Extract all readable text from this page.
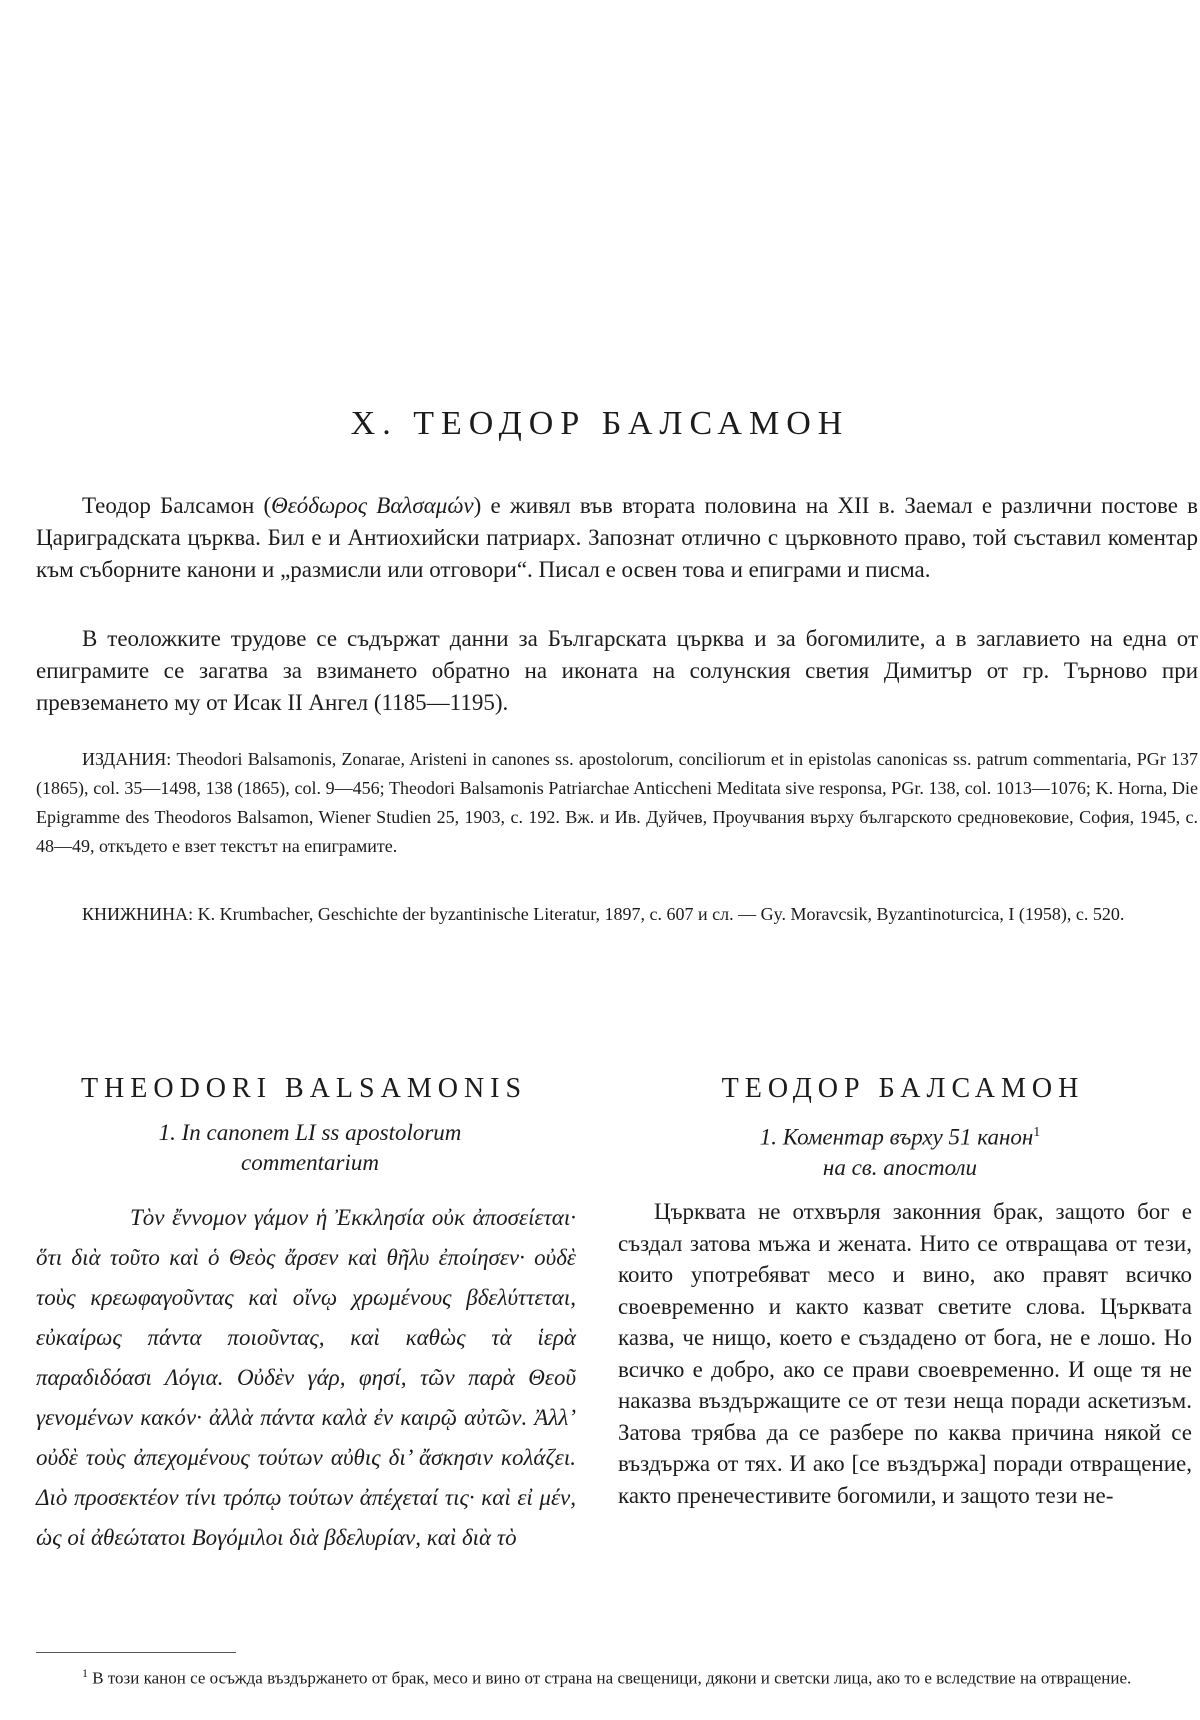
X. ТЕОДОР БАЛСАМОН

Теодор Балсамон (Θεόδωρος Βαλσαμών) е живял във втората половина на XII в. Заемал е различни постове в Цариградската църква. Бил е и Антиохийски патриарх. Запознат отлично с църковното право, той съставил коментар към съборните канони и „размисли или отговори“. Писал е освен това и епиграми и писма.

В теоложките трудове се съдържат данни за Българската църква и за богомилите, а в заглавието на една от епиграмите се загатва за взимането обратно на иконата на солунския светия Димитър от гр. Търново при превземането му от Исак II Ангел (1185—1195).

ИЗДАНИЯ: Theodori Balsamonis, Zonarae, Aristeni in canones ss. apostolorum, conciliorum et in epistolas canonicas ss. patrum commentaria, PGr 137 (1865), col. 35—1498, 138 (1865), col. 9—456; Theodori Balsamonis Patriarchae Anticcheni Meditata sive responsa, PGr. 138, col. 1013—1076; K. Horna, Die Epigramme des Theodoros Balsamon, Wiener Studien 25, 1903, с. 192. Вж. и Ив. Дуйчев, Проучвания върху българското средновековие, София, 1945, с. 48—49, откъдето е взет текстът на епиграмите.

КНИЖНИНА: K. Krumbacher, Geschichte der byzantinische Literatur, 1897, с. 607 и сл. — Gy. Moravcsik, Byzantinoturcica, I (1958), с. 520.

THEODORI BALSAMONIS	ТЕОДОР БАЛСАМОН
1. In canonem LI ss apostolorum
commentarium
1. Коментар върху 51 канон$^1$
на св. апостоли

Τὸν ἔννομον γάμον ἡ Ἐκκλησία οὐκ ἀποσείεται· ὅτι διὰ τοῦτο καὶ ὁ Θεὸς ἄρσεν καὶ θῆλυ ἐποίησεν· οὐδὲ τοὺς κρεωφαγοῦντας καὶ οἴνῳ χρωμένους βδελύττεται, εὐκαίρως πάντα ποιοῦντας, καὶ καθὼς τὰ ἱερὰ παραδιδόασι Λόγια. Οὐδὲν γάρ, φησί, τῶν παρὰ Θεοῦ γενομένων κακόν· ἀλλὰ πάντα καλὰ ἐν καιρῷ αὐτῶν. Ἀλλ’ οὐδὲ τοὺς ἀπεχομένους τούτων αὐθις δι’ ἄσκησιν κολάζει. Διὸ προσεκτέον τίνι τρόπῳ τούτων ἀπέχεταί τις· καὶ εἰ μέν, ὡς οἱ ἀθεώτατοι Βογόμιλοι διὰ βδελυρίαν, καὶ διὰ τὸ

Църквата не отхвърля законния брак, защото бог е създал затова мъжа и жената. Нито се отвращава от тези, които употребяват месо и вино, ако правят всичко своевременно и както казват светите слова. Църквата казва, че нищо, което е създадено от бога, не е лошо. Но всичко е добро, ако се прави своевременно. И още тя не наказва въздържащите се от тези неща поради аскетизъм. Затова трябва да се разбере по каква причина някой се въздържа от тях. И ако [се въздържа] поради отвращение, както пренечестивите богомили, и защото тези не-

$^1$ В този канон се осъжда въздържането от брак, месо и вино от страна на свещеници, дякони и светски лица, ако то е вследствие на отвращение.
